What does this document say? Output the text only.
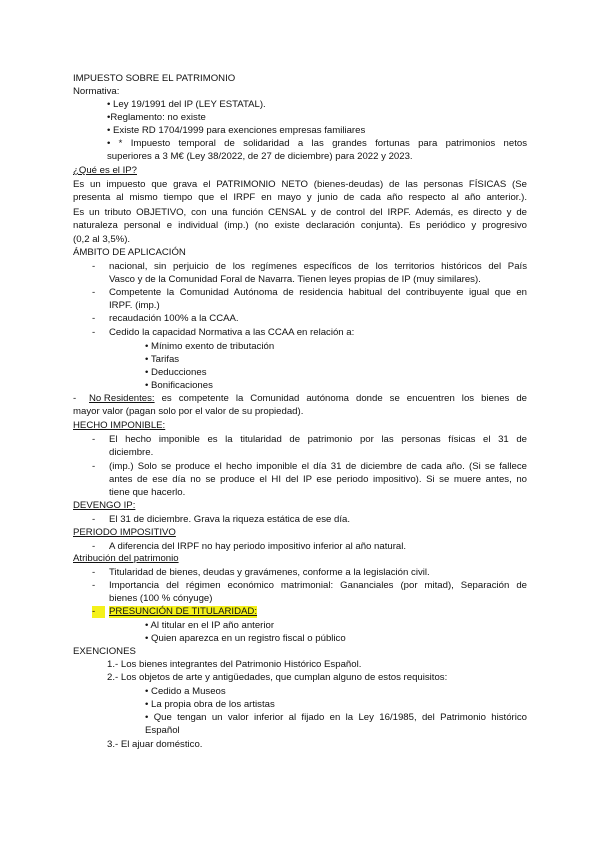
IMPUESTO SOBRE EL PATRIMONIO
Normativa:
• Ley 19/1991 del IP (LEY ESTATAL).
•Reglamento: no existe
• Existe RD 1704/1999 para exenciones empresas familiares
• * Impuesto temporal de solidaridad a las grandes fortunas para patrimonios netos
superiores a 3 M€ (Ley 38/2022, de 27 de diciembre) para 2022 y 2023.
¿Qué es el IP?
Es un impuesto que grava el PATRIMONIO NETO (bienes-deudas) de las personas FÍSICAS (Se
presenta al mismo tiempo que el IRPF en mayo y junio de cada año respecto al año anterior.).
Es un tributo OBJETIVO, con una función CENSAL y de control del IRPF. Además, es directo y de
naturaleza personal e individual (imp.) (no existe declaración conjunta). Es periódico y progresivo
(0,2 al 3,5%).
ÁMBITO DE APLICACIÓN
- nacional, sin perjuicio de los regímenes específicos de los territorios históricos del País
Vasco y de la Comunidad Foral de Navarra. Tienen leyes propias de IP (muy similares).
- Competente la Comunidad Autónoma de residencia habitual del contribuyente igual que en
IRPF. (imp.)
- recaudación 100% a la CCAA.
- Cedido la capacidad Normativa a las CCAA en relación a:
• Mínimo exento de tributación
• Tarifas
• Deducciones
• Bonificaciones
- No Residentes: es competente la Comunidad autónoma donde se encuentren los bienes de
mayor valor (pagan solo por el valor de su propiedad).
HECHO IMPONIBLE:
- El hecho imponible es la titularidad de patrimonio por las personas físicas el 31 de
diciembre.
- (imp.) Solo se produce el hecho imponible el día 31 de diciembre de cada año. (Si se fallece
antes de ese día no se produce el HI del IP ese periodo impositivo). Si se muere antes, no
tiene que hacerlo.
DEVENGO IP:
- El 31 de diciembre. Grava la riqueza estática de ese día.
PERIODO IMPOSITIVO
- A diferencia del IRPF no hay periodo impositivo inferior al año natural.
Atribución del patrimonio
- Titularidad de bienes, deudas y gravámenes, conforme a la legislación civil.
- Importancia del régimen económico matrimonial: Gananciales (por mitad), Separación de
bienes (100 % cónyuge)
-	PRESUNCIÓN DE TITULARIDAD:
• Al titular en el IP año anterior
• Quien aparezca en un registro fiscal o público
EXENCIONES
1.- Los bienes integrantes del Patrimonio Histórico Español.
2.- Los objetos de arte y antigüedades, que cumplan alguno de estos requisitos:
• Cedido a Museos
• La propia obra de los artistas
• Que tengan un valor inferior al fijado en la Ley 16/1985, del Patrimonio histórico
Español
3.- El ajuar doméstico.
